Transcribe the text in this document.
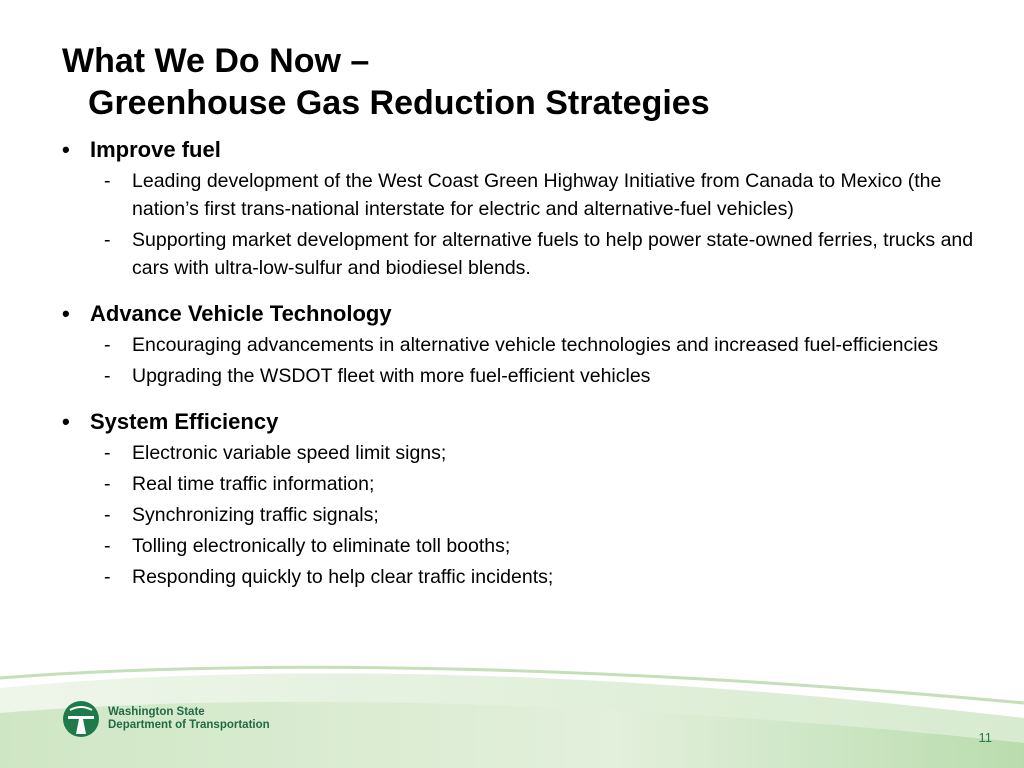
What We Do Now –
Greenhouse Gas Reduction Strategies
• Improve fuel
-	Leading development of the West Coast Green Highway Initiative from Canada to Mexico (the nation’s first trans-national interstate for electric and alternative-fuel vehicles)
-	Supporting market development for alternative fuels to help power state-owned ferries, trucks and cars with ultra-low-sulfur and biodiesel blends.
• Advance Vehicle Technology
-	Encouraging advancements in alternative vehicle technologies and increased fuel-efficiencies
-	Upgrading the WSDOT fleet with more fuel-efficient vehicles
• System Efficiency
-	Electronic variable speed limit signs;
-	Real time traffic information;
-	Synchronizing traffic signals;
-	Tolling electronically to eliminate toll booths;
-	Responding quickly to help clear traffic incidents;
Washington State
Department of Transportation
11
